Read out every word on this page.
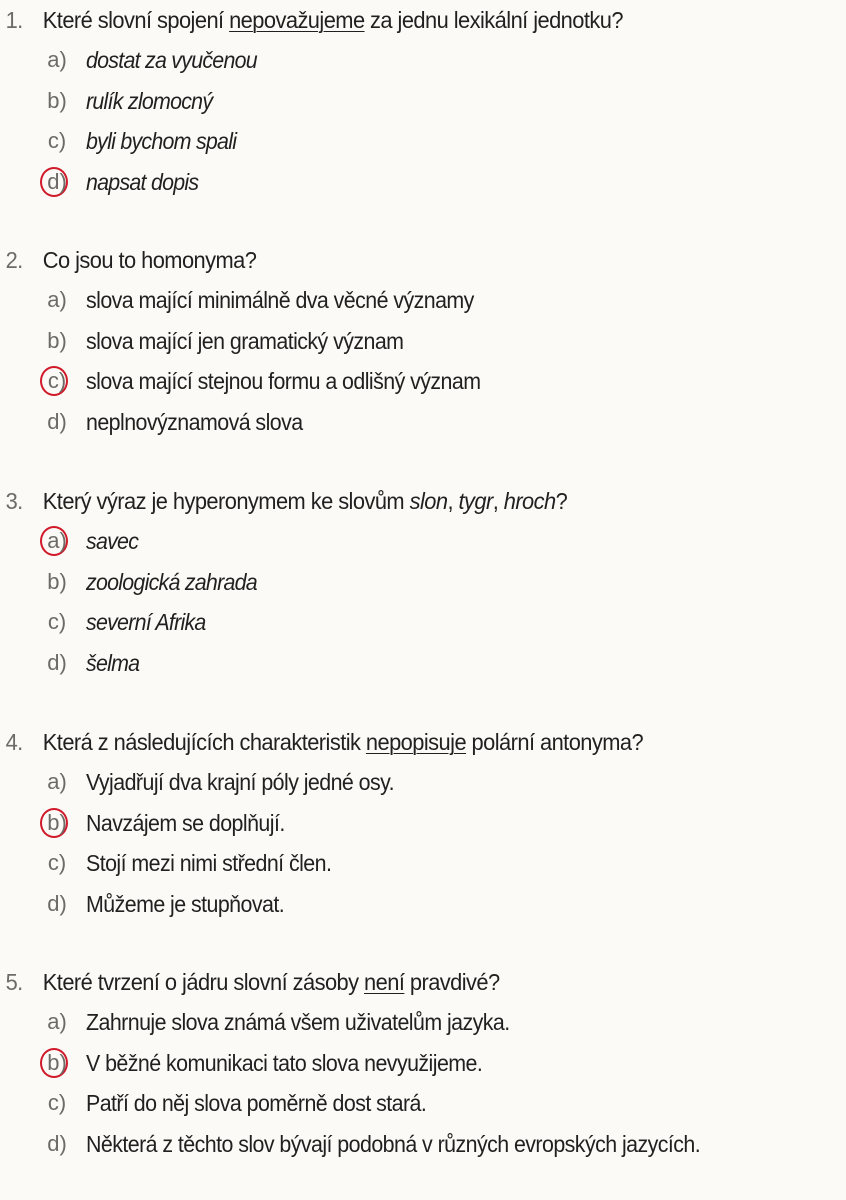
1. Které slovní spojení nepovažujeme za jednu lexikální jednotku?
a) dostat za vyučenou
b) rulík zlomocný
c) byli bychom spali
d) napsat dopis
2. Co jsou to homonyma?
a) slova mající minimálně dva věcné významy
b) slova mající jen gramatický význam
c) slova mající stejnou formu a odlišný význam
d) neplnovýznamová slova
3. Který výraz je hyperonymem ke slovům slon, tygr, hroch?
a) savec
b) zoologická zahrada
c) severní Afrika
d) šelma
4. Která z následujících charakteristik nepopisuje polární antonyma?
a) Vyjadřují dva krajní póly jedné osy.
b) Navzájem se doplňují.
c) Stojí mezi nimi střední člen.
d) Můžeme je stupňovat.
5. Které tvrzení o jádru slovní zásoby není pravdivé?
a) Zahrnuje slova známá všem uživatelům jazyka.
b) V běžné komunikaci tato slova nevyužijeme.
c) Patří do něj slova poměrně dost stará.
d) Některá z těchto slov bývají podobná v různých evropských jazycích.
